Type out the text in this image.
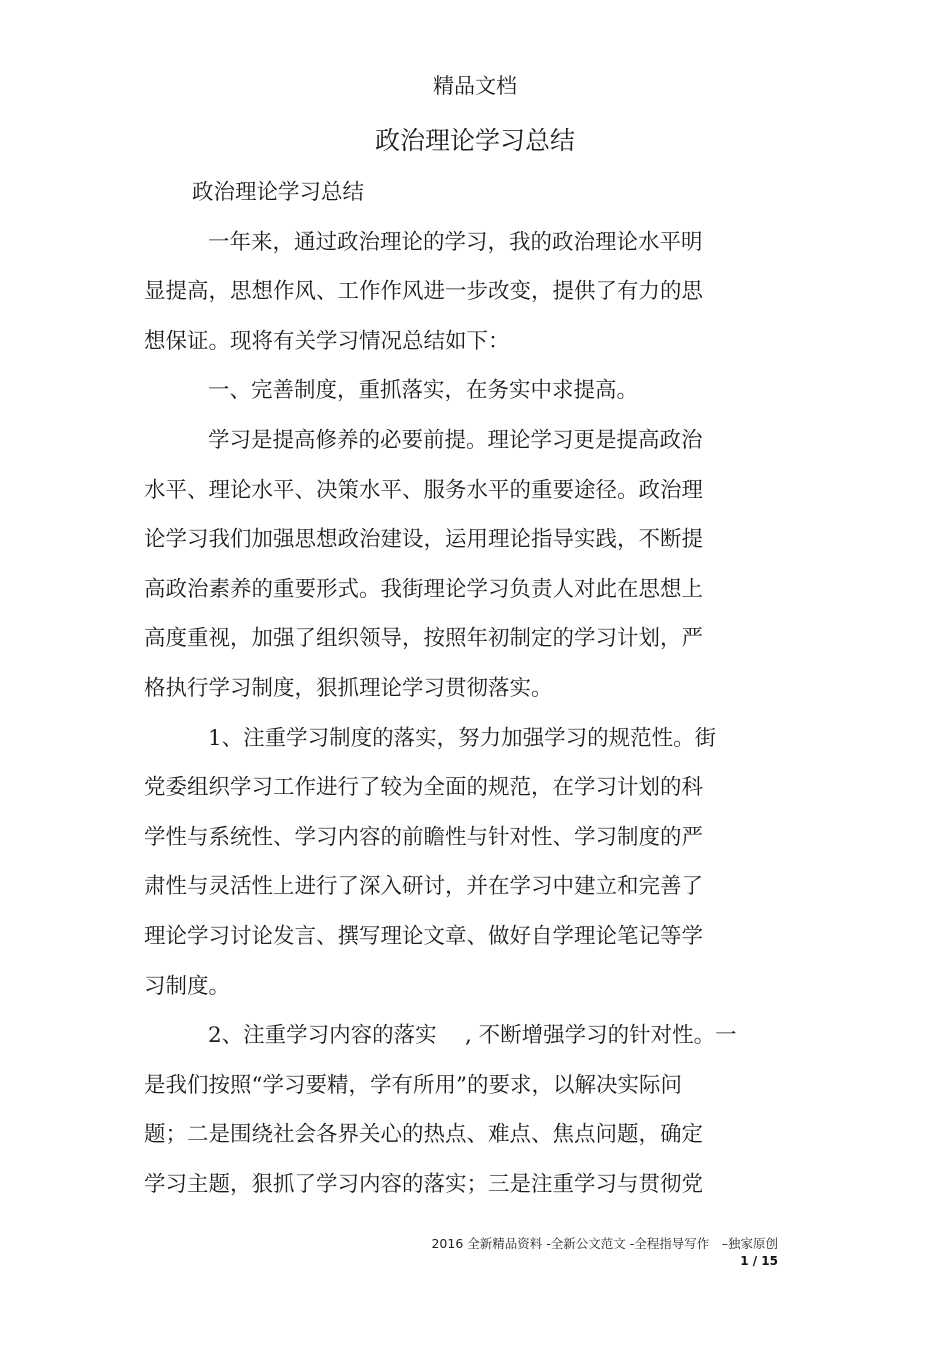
精品文档
政治理论学习总结
政治理论学习总结
一年来，通过政治理论的学习，我的政治理论水平明
显提高，思想作风、工作作风进一步改变，提供了有力的思
想保证。现将有关学习情况总结如下：
一、完善制度，重抓落实，在务实中求提高。
学习是提高修养的必要前提。理论学习更是提高政治
水平、理论水平、决策水平、服务水平的重要途径。政治理
论学习我们加强思想政治建设，运用理论指导实践，不断提
高政治素养的重要形式。我街理论学习负责人对此在思想上
高度重视，加强了组织领导，按照年初制定的学习计划，严
格执行学习制度，狠抓理论学习贯彻落实。
1、注重学习制度的落实，努力加强学习的规范性。街
党委组织学习工作进行了较为全面的规范，在学习计划的科
学性与系统性、学习内容的前瞻性与针对性、学习制度的严
肃性与灵活性上进行了深入研讨，并在学习中建立和完善了
理论学习讨论发言、撰写理论文章、做好自学理论笔记等学
习制度。
2、注重学习内容的落实　 , 不断增强学习的针对性。一
是我们按照“学习要精，学有所用”的要求，以解决实际问
题；二是围绕社会各界关心的热点、难点、焦点问题，确定
学习主题，狠抓了学习内容的落实；三是注重学习与贯彻党
2016 全新精品资料 -全新公文范文 -全程指导写作　–独家原创
1 / 15
